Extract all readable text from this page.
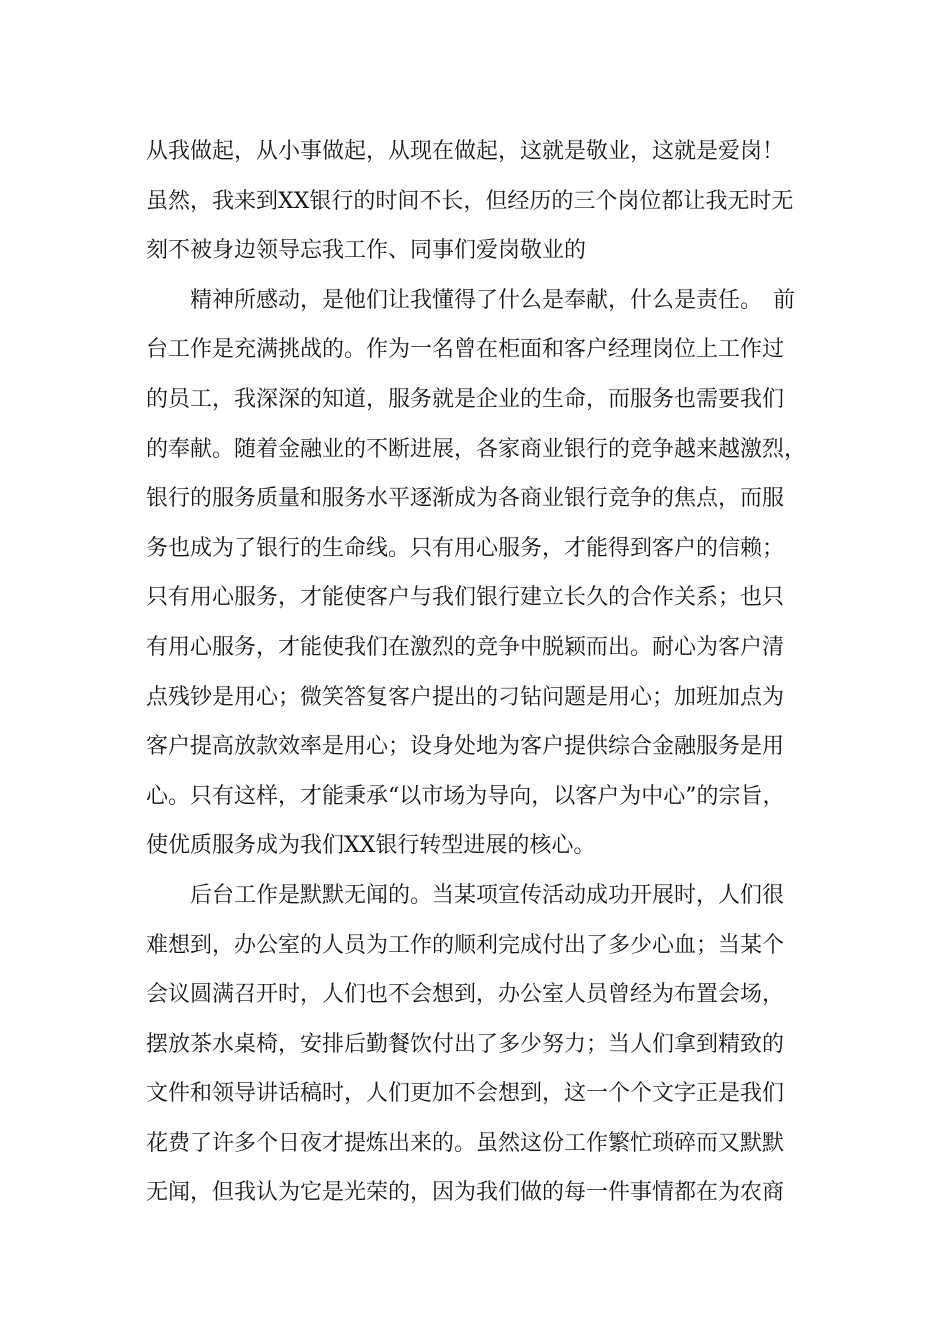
从我做起，从小事做起，从现在做起，这就是敬业，这就是爱岗！
虽然，我来到XX银行的时间不长，但经历的三个岗位都让我无时无
刻不被身边领导忘我工作、同事们爱岗敬业的
精神所感动，是他们让我懂得了什么是奉献，什么是责任。　前
台工作是充满挑战的。作为一名曾在柜面和客户经理岗位上工作过
的员工，我深深的知道，服务就是企业的生命，而服务也需要我们
的奉献。随着金融业的不断进展，各家商业银行的竞争越来越激烈，
银行的服务质量和服务水平逐渐成为各商业银行竞争的焦点，而服
务也成为了银行的生命线。只有用心服务，才能得到客户的信赖；
只有用心服务，才能使客户与我们银行建立长久的合作关系；也只
有用心服务，才能使我们在激烈的竞争中脱颖而出。耐心为客户清
点残钞是用心；微笑答复客户提出的刁钻问题是用心；加班加点为
客户提高放款效率是用心；设身处地为客户提供综合金融服务是用
心。只有这样，才能秉承“以市场为导向，以客户为中心”的宗旨，
使优质服务成为我们XX银行转型进展的核心。
后台工作是默默无闻的。当某项宣传活动成功开展时，人们很
难想到，办公室的人员为工作的顺利完成付出了多少心血；当某个
会议圆满召开时，人们也不会想到，办公室人员曾经为布置会场，
摆放茶水桌椅，安排后勤餐饮付出了多少努力；当人们拿到精致的
文件和领导讲话稿时，人们更加不会想到，这一个个文字正是我们
花费了许多个日夜才提炼出来的。虽然这份工作繁忙琐碎而又默默
无闻，但我认为它是光荣的，因为我们做的每一件事情都在为农商
